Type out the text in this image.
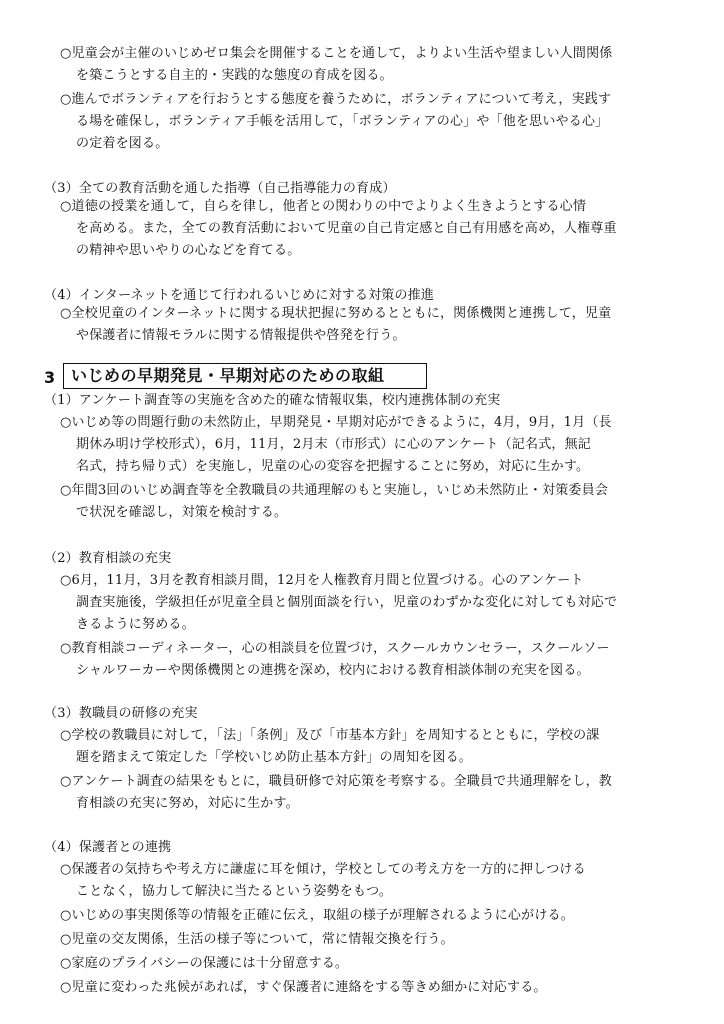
3 いじめの早期発見・早期対応のための取組
○児童会が主催のいじめゼロ集会を開催することを通して，よりよい生活や望ましい人間関係
を築こうとする自主的・実践的な態度の育成を図る。
○進んでボランティアを行おうとする態度を養うために，ボランティアについて考え，実践す
る場を確保し，ボランティア手帳を活用して，「ボランティアの心」や「他を思いやる心」
の定着を図る。
（3）全ての教育活動を通した指導（自己指導能力の育成）
○道徳の授業を通して，自らを律し，他者との関わりの中でよりよく生きようとする心情
を高める。また，全ての教育活動において児童の自己肯定感と自己有用感を高め，人権尊重
の精神や思いやりの心などを育てる。
（4）インターネットを通じて行われるいじめに対する対策の推進
○全校児童のインターネットに関する現状把握に努めるとともに，関係機関と連携して，児童
や保護者に情報モラルに関する情報提供や啓発を行う。
（1）アンケート調査等の実施を含めた的確な情報収集，校内連携体制の充実
○いじめ等の問題行動の未然防止，早期発見・早期対応ができるように，4月，9月，1月（長
期休み明け学校形式），6月，11月，2月末（市形式）に心のアンケート（記名式，無記
名式，持ち帰り式）を実施し，児童の心の変容を把握することに努め，対応に生かす。
○年間3回のいじめ調査等を全教職員の共通理解のもと実施し，いじめ未然防止・対策委員会
で状況を確認し，対策を検討する。
（2）教育相談の充実
○6月，11月，3月を教育相談月間，12月を人権教育月間と位置づける。心のアンケート
調査実施後，学級担任が児童全員と個別面談を行い，児童のわずかな変化に対しても対応で
きるように努める。
○教育相談コーディネーター，心の相談員を位置づけ，スクールカウンセラー，スクールソー
シャルワーカーや関係機関との連携を深め，校内における教育相談体制の充実を図る。
（3）教職員の研修の充実
○学校の教職員に対して，「法」「条例」及び「市基本方針」を周知するとともに，学校の課
題を踏まえて策定した「学校いじめ防止基本方針」の周知を図る。
○アンケート調査の結果をもとに，職員研修で対応策を考察する。全職員で共通理解をし，教
育相談の充実に努め，対応に生かす。
（4）保護者との連携
○保護者の気持ちや考え方に謙虚に耳を傾け，学校としての考え方を一方的に押しつける
ことなく，協力して解決に当たるという姿勢をもつ。
○いじめの事実関係等の情報を正確に伝え，取組の様子が理解されるように心がける。
○児童の交友関係，生活の様子等について，常に情報交換を行う。
○家庭のプライバシーの保護には十分留意する。
○児童に変わった兆候があれば，すぐ保護者に連絡をする等きめ細かに対応する。
